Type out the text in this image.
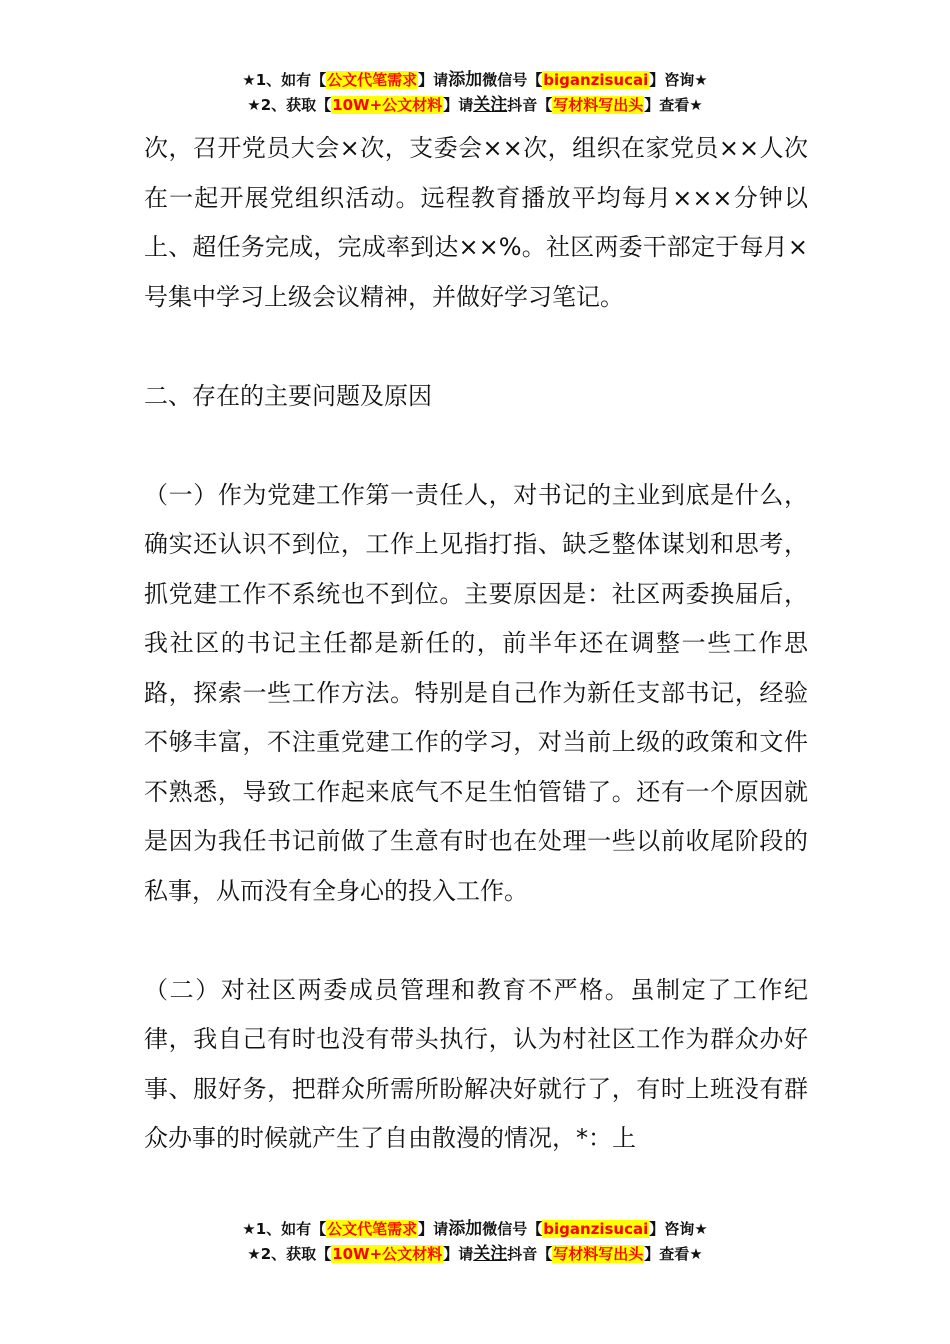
★1、如有【公文代笔需求】请添加微信号【biganzisucai】咨询★
★2、获取【10W+公文材料】请关注抖音【写材料写出头】查看★

次，召开党员大会×次，支委会××次，组织在家党员××人次在一起开展党组织活动。远程教育播放平均每月×××分钟以上、超任务完成，完成率到达××%。社区两委干部定于每月×号集中学习上级会议精神，并做好学习笔记。

二、存在的主要问题及原因

（一）作为党建工作第一责任人，对书记的主业到底是什么，确实还认识不到位，工作上见指打指、缺乏整体谋划和思考，抓党建工作不系统也不到位。主要原因是：社区两委换届后，我社区的书记主任都是新任的，前半年还在调整一些工作思路，探索一些工作方法。特别是自己作为新任支部书记，经验不够丰富，不注重党建工作的学习，对当前上级的政策和文件不熟悉，导致工作起来底气不足生怕管错了。还有一个原因就是因为我任书记前做了生意有时也在处理一些以前收尾阶段的私事，从而没有全身心的投入工作。

（二）对社区两委成员管理和教育不严格。虽制定了工作纪律，我自己有时也没有带头执行，认为村社区工作为群众办好事、服好务，把群众所需所盼解决好就行了，有时上班没有群众办事的时候就产生了自由散漫的情况，*：上

★1、如有【公文代笔需求】请添加微信号【biganzisucai】咨询★
★2、获取【10W+公文材料】请关注抖音【写材料写出头】查看★
